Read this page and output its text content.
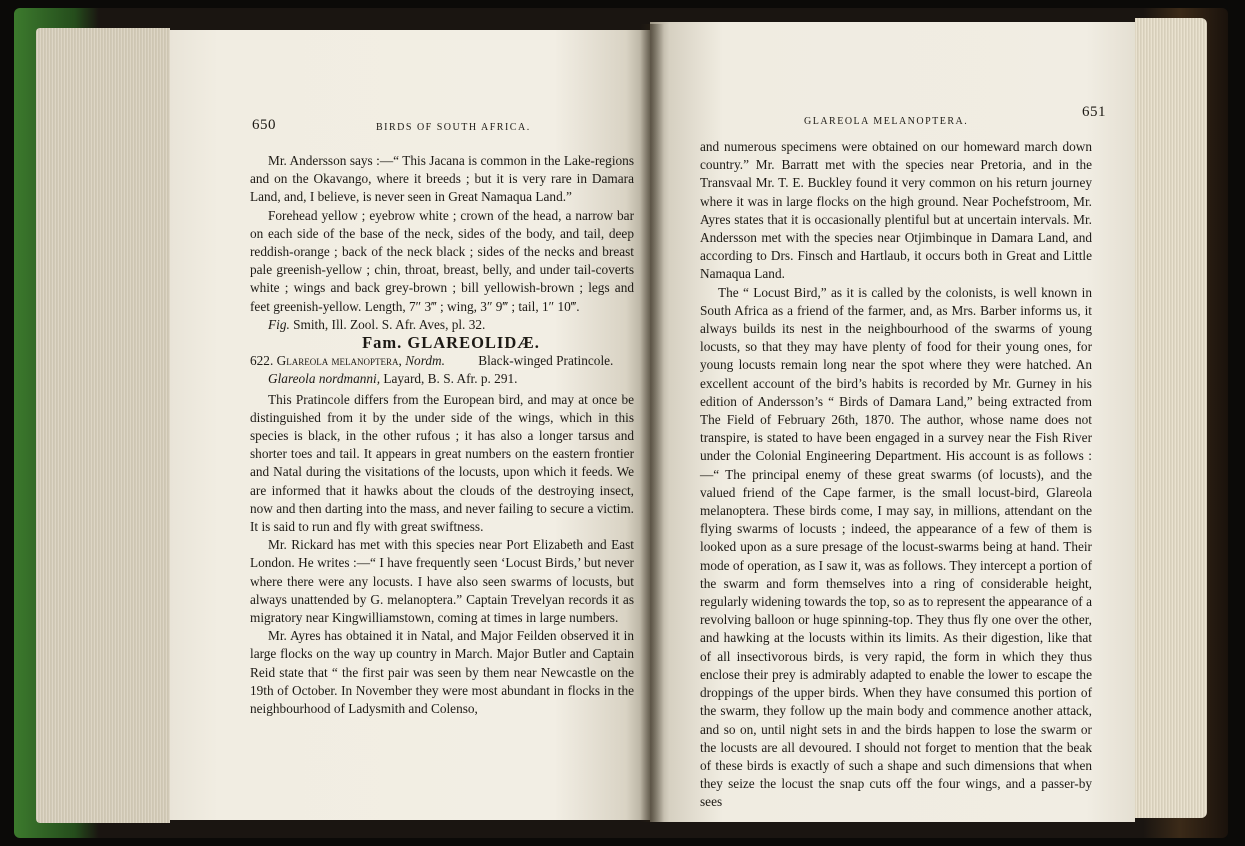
650	BIRDS OF SOUTH AFRICA.

Mr. Andersson says :—“ This Jacana is common in the Lake-regions and on the Okavango, where it breeds ; but it is very rare in Damara Land, and, I believe, is never seen in Great Namaqua Land.”

Forehead yellow ; eyebrow white ; crown of the head, a narrow bar on each side of the base of the neck, sides of the body, and tail, deep reddish-orange ; back of the neck black ; sides of the necks and breast pale greenish-yellow ; chin, throat, breast, belly, and under tail-coverts white ; wings and back grey-brown ; bill yellowish-brown ; legs and feet greenish-yellow. Length, 7″ 3‴ ; wing, 3″ 9‴ ; tail, 1″ 10‴.

Fig. Smith, Ill. Zool. S. Afr. Aves, pl. 32.

Fam. GLAREOLIDÆ.

622. Glareola melanoptera, Nordm.	Black-winged Pratincole.

Glareola nordmanni, Layard, B. S. Afr. p. 291.

This Pratincole differs from the European bird, and may at once be distinguished from it by the under side of the wings, which in this species is black, in the other rufous ; it has also a longer tarsus and shorter toes and tail. It appears in great numbers on the eastern frontier and Natal during the visitations of the locusts, upon which it feeds. We are informed that it hawks about the clouds of the destroying insect, now and then darting into the mass, and never failing to secure a victim. It is said to run and fly with great swiftness.

Mr. Rickard has met with this species near Port Elizabeth and East London. He writes :—“ I have frequently seen ‘Locust Birds,’ but never where there were any locusts. I have also seen swarms of locusts, but always unattended by G. melanoptera.” Captain Trevelyan records it as migratory near Kingwilliamstown, coming at times in large numbers.

Mr. Ayres has obtained it in Natal, and Major Feilden observed it in large flocks on the way up country in March. Major Butler and Captain Reid state that “ the first pair was seen by them near Newcastle on the 19th of October. In November they were most abundant in flocks in the neighbourhood of Ladysmith and Colenso,

GLAREOLA MELANOPTERA.
651

and numerous specimens were obtained on our homeward march down country.” Mr. Barratt met with the species near Pretoria, and in the Transvaal Mr. T. E. Buckley found it very common on his return journey where it was in large flocks on the high ground. Near Pochefstroom, Mr. Ayres states that it is occasionally plentiful but at uncertain intervals. Mr. Andersson met with the species near Otjimbinque in Damara Land, and according to Drs. Finsch and Hartlaub, it occurs both in Great and Little Namaqua Land.

The “ Locust Bird,” as it is called by the colonists, is well known in South Africa as a friend of the farmer, and, as Mrs. Barber informs us, it always builds its nest in the neighbourhood of the swarms of young locusts, so that they may have plenty of food for their young ones, for young locusts remain long near the spot where they were hatched. An excellent account of the bird’s habits is recorded by Mr. Gurney in his edition of Andersson’s “ Birds of Damara Land,” being extracted from The Field of February 26th, 1870. The author, whose name does not transpire, is stated to have been engaged in a survey near the Fish River under the Colonial Engineering Department. His account is as follows :—“ The principal enemy of these great swarms (of locusts), and the valued friend of the Cape farmer, is the small locust-bird, Glareola melanoptera. These birds come, I may say, in millions, attendant on the flying swarms of locusts ; indeed, the appearance of a few of them is looked upon as a sure presage of the locust-swarms being at hand. Their mode of operation, as I saw it, was as follows. They intercept a portion of the swarm and form themselves into a ring of considerable height, regularly widening towards the top, so as to represent the appearance of a revolving balloon or huge spinning-top. They thus fly one over the other, and hawking at the locusts within its limits. As their digestion, like that of all insectivorous birds, is very rapid, the form in which they thus enclose their prey is admirably adapted to enable the lower to escape the droppings of the upper birds. When they have consumed this portion of the swarm, they follow up the main body and commence another attack, and so on, until night sets in and the birds happen to lose the swarm or the locusts are all devoured. I should not forget to mention that the beak of these birds is exactly of such a shape and such dimensions that when they seize the locust the snap cuts off the four wings, and a passer-by sees
